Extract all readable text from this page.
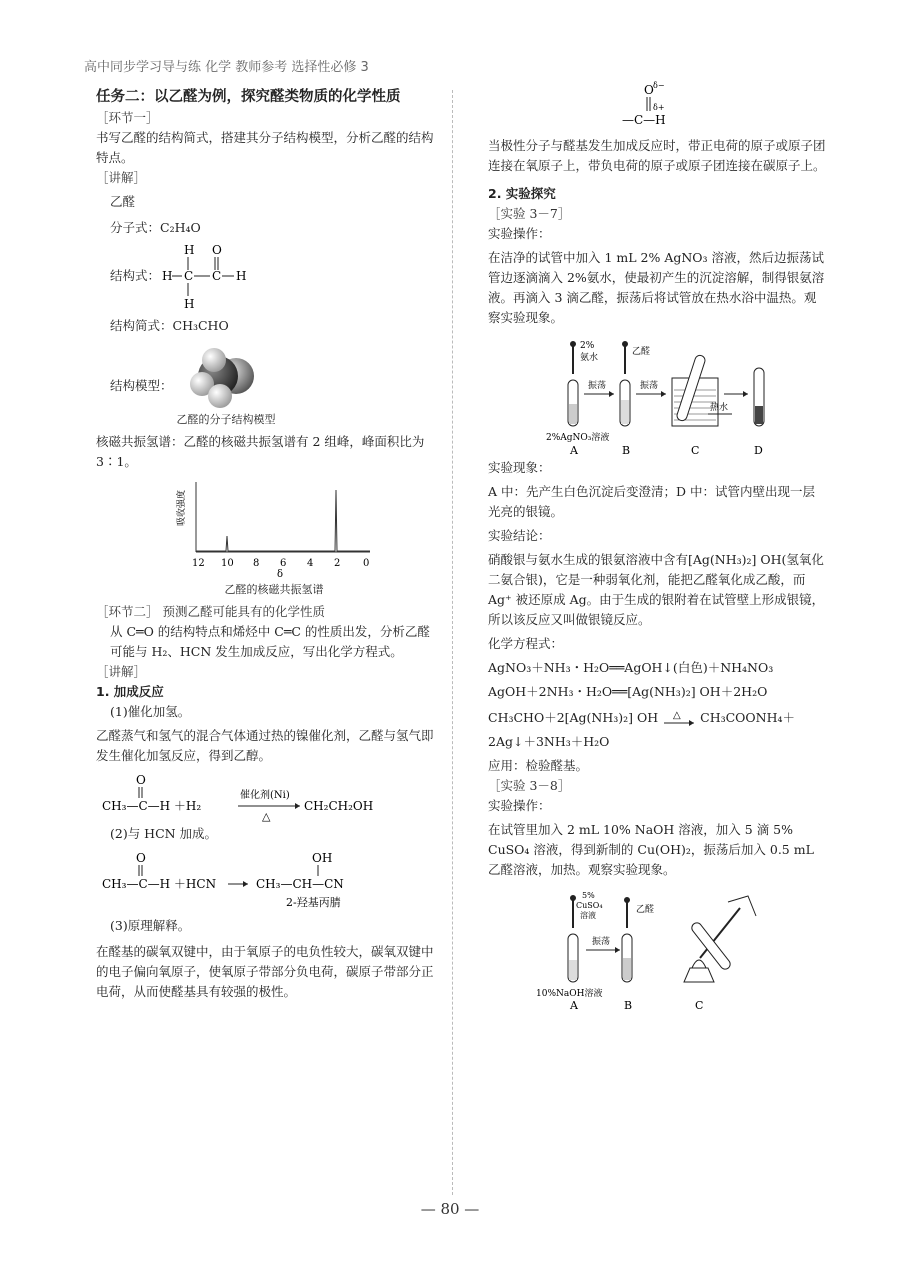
高中同步学习导与练 化学 教师参考 选择性必修 3

任务二：以乙醛为例，探究醛类物质的化学性质

［环节一］

书写乙醛的结构简式，搭建其分子结构模型，分析乙醛的结构特点。

［讲解］

乙醛

分子式：C₂H₄O

结构式：
H O
H C C H
H

结构简式：CH₃CHO

结构模型：
乙醛的分子结构模型

核磁共振氢谱：乙醛的核磁共振氢谱有 2 组峰，峰面积比为 3∶1。

吸收强度
12 10 8 6 4 2 0
δ
乙醛的核磁共振氢谱

［环节二］ 预测乙醛可能具有的化学性质

从 C═O 的结构特点和烯烃中 C═C 的性质出发，分析乙醛可能与 H₂、HCN 发生加成反应，写出化学方程式。

［讲解］

1. 加成反应

(1)催化加氢。

乙醛蒸气和氢气的混合气体通过热的镍催化剂，乙醛与氢气即发生催化加氢反应，得到乙醇。

O
CH₃—C—H ＋H₂
催化剂(Ni)
△
CH₂CH₂OH

(2)与 HCN 加成。

O
CH₃—C—H ＋HCN
OH
CH₃—CH—CN
2-羟基丙腈

(3)原理解释。

在醛基的碳氧双键中，由于氧原子的电负性较大，碳氧双键中的电子偏向氧原子，使氧原子带部分负电荷，碳原子带部分正电荷，从而使醛基具有较强的极性。

O δ−
δ+
—C—H

当极性分子与醛基发生加成反应时，带正电荷的原子或原子团连接在氧原子上，带负电荷的原子或原子团连接在碳原子上。

2. 实验探究

［实验 3－7］

实验操作：

在洁净的试管中加入 1 mL 2% AgNO₃ 溶液，然后边振荡试管边逐滴滴入 2%氨水，使最初产生的沉淀溶解，制得银氨溶液。再滴入 3 滴乙醛，振荡后将试管放在热水浴中温热。观察实验现象。

2%
氨水
振荡
乙醛
振荡
热水
2%AgNO₃溶液
A	B	C	D

实验现象：

A 中：先产生白色沉淀后变澄清；D 中：试管内壁出现一层光亮的银镜。

实验结论：

硝酸银与氨水生成的银氨溶液中含有[Ag(NH₃)₂] OH(氢氧化二氨合银)，它是一种弱氧化剂，能把乙醛氧化成乙酸，而 Ag⁺ 被还原成 Ag。由于生成的银附着在试管壁上形成银镜，所以该反应又叫做银镜反应。

化学方程式：

AgNO₃＋NH₃・H₂O══AgOH↓(白色)＋NH₄NO₃

AgOH＋2NH₃・H₂O══[Ag(NH₃)₂] OH＋2H₂O

CH₃CHO＋2[Ag(NH₃)₂] OH △ CH₃COONH₄＋

2Ag↓＋3NH₃＋H₂O

应用：检验醛基。

［实验 3－8］

实验操作：

在试管里加入 2 mL 10% NaOH 溶液，加入 5 滴 5% CuSO₄ 溶液，得到新制的 Cu(OH)₂，振荡后加入 0.5 mL 乙醛溶液，加热。观察实验现象。

5%
CuSO₄
溶液
振荡
乙醛
10%NaOH溶液
A	B	C
— 80 —
